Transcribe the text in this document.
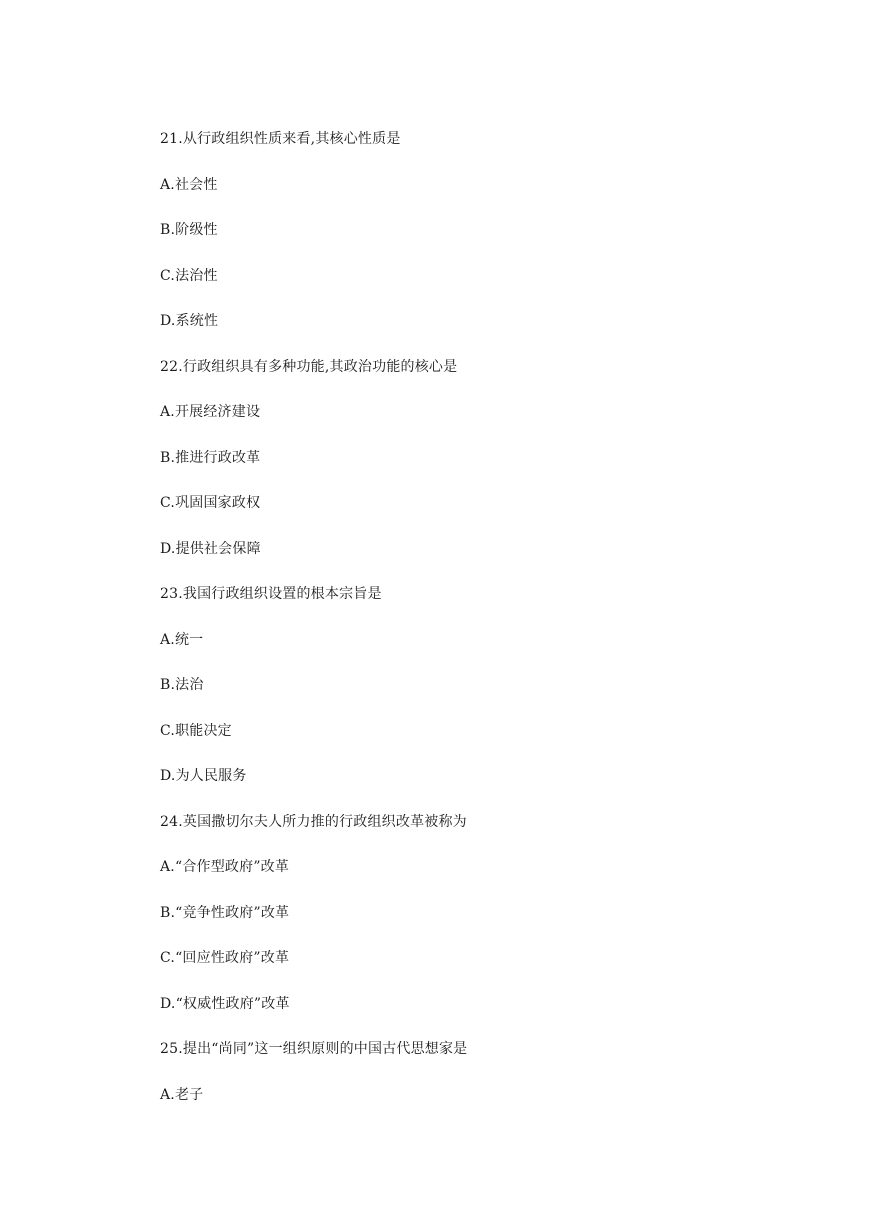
21.从行政组织性质来看,其核心性质是
A.社会性
B.阶级性
C.法治性
D.系统性
22.行政组织具有多种功能,其政治功能的核心是
A.开展经济建设
B.推进行政改革
C.巩固国家政权
D.提供社会保障
23.我国行政组织设置的根本宗旨是
A.统一
B.法治
C.职能决定
D.为人民服务
24.英国撒切尔夫人所力推的行政组织改革被称为
A.“合作型政府”改革
B.“竞争性政府”改革
C.“回应性政府”改革
D.“权威性政府”改革
25.提出“尚同”这一组织原则的中国古代思想家是
A.老子
